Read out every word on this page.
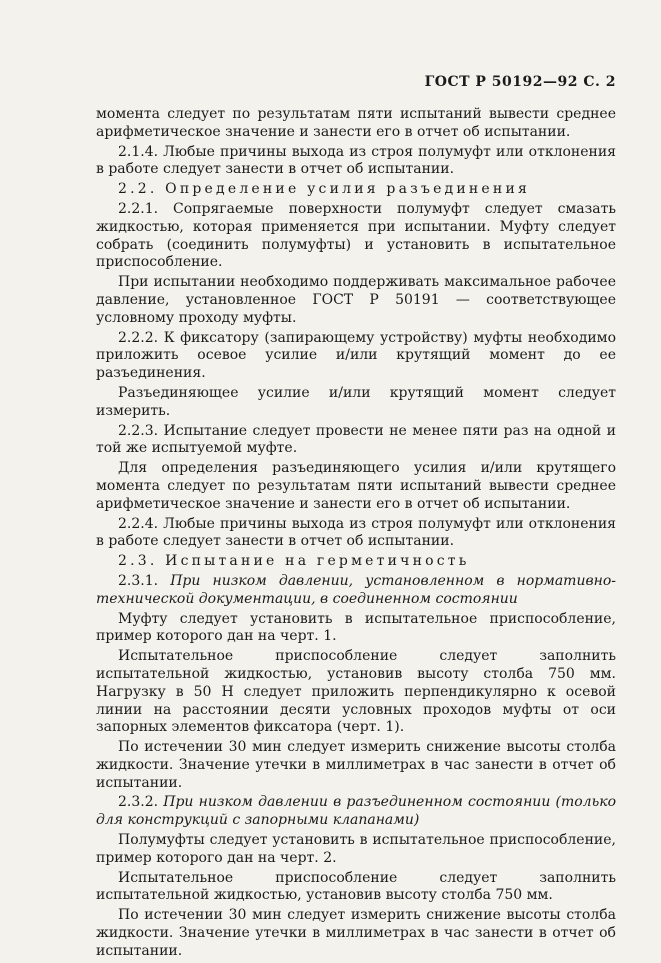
ГОСТ Р 50192—92 С. 2

момента следует по результатам пяти испытаний вывести среднее арифметическое значение и занести его в отчет об испытании.

2.1.4. Любые причины выхода из строя полумуфт или отклонения в работе следует занести в отчет об испытании.

2.2. Определение усилия разъединения

2.2.1. Сопрягаемые поверхности полумуфт следует смазать жидкостью, которая применяется при испытании. Муфту следует собрать (соединить полумуфты) и установить в испытательное приспособление.

При испытании необходимо поддерживать максимальное рабочее давление, установленное ГОСТ Р 50191 — соответствующее условному проходу муфты.

2.2.2. К фиксатору (запирающему устройству) муфты необходимо приложить осевое усилие и/или крутящий момент до ее разъединения.

Разъединяющее усилие и/или крутящий момент следует измерить.

2.2.3. Испытание следует провести не менее пяти раз на одной и той же испытуемой муфте.

Для определения разъединяющего усилия и/или крутящего момента следует по результатам пяти испытаний вывести среднее арифметическое значение и занести его в отчет об испытании.

2.2.4. Любые причины выхода из строя полумуфт или отклонения в работе следует занести в отчет об испытании.

2.3. Испытание на герметичность

2.3.1. При низком давлении, установленном в нормативно-технической документации, в соединенном состоянии

Муфту следует установить в испытательное приспособление, пример которого дан на черт. 1.

Испытательное приспособление следует заполнить испытательной жидкостью, установив высоту столба 750 мм. Нагрузку в 50 Н следует приложить перпендикулярно к осевой линии на расстоянии десяти условных проходов муфты от оси запорных элементов фиксатора (черт. 1).

По истечении 30 мин следует измерить снижение высоты столба жидкости. Значение утечки в миллиметрах в час занести в отчет об испытании.

2.3.2. При низком давлении в разъединенном состоянии (только для конструкций с запорными клапанами)

Полумуфты следует установить в испытательное приспособление, пример которого дан на черт. 2.

Испытательное приспособление следует заполнить испытательной жидкостью, установив высоту столба 750 мм.

По истечении 30 мин следует измерить снижение высоты столба жидкости. Значение утечки в миллиметрах в час занести в отчет об испытании.
